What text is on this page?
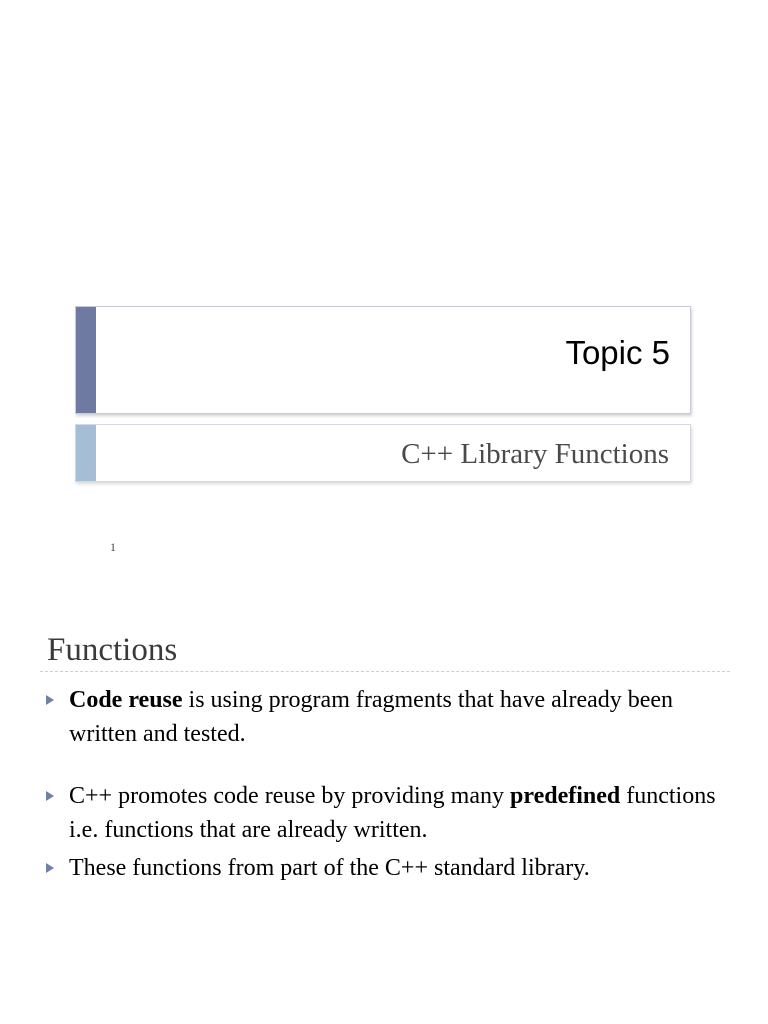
Topic 5
C++ Library Functions
1
Functions
Code reuse is using program fragments that have already been written and tested.
C++ promotes code reuse by providing many predefined functions i.e. functions that are already written.
These functions from part of the C++ standard library.
